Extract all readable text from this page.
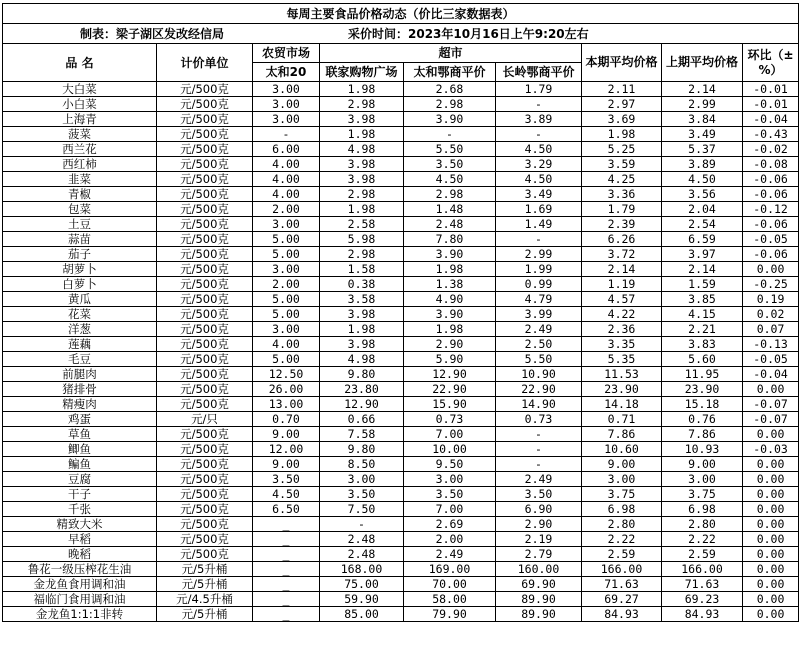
每周主要食品价格动态（价比三家数据表）								
制表：梁子湖区发改经信局 采价时间：2023年10月16日上午9:20左右								
品 名	计价单位	农贸市场	超市			本期平均价格	上期平均价格	环比（±%）
		太和20	联家购物广场	太和鄂商平价	长岭鄂商平价			
大白菜	元/500克	3.00	1.98	2.68	1.79	2.11	2.14	-0.01
小白菜	元/500克	3.00	2.98	2.98	-	2.97	2.99	-0.01
上海青	元/500克	3.00	3.98	3.90	3.89	3.69	3.84	-0.04
菠菜	元/500克	-	1.98	-	-	1.98	3.49	-0.43
西兰花	元/500克	6.00	4.98	5.50	4.50	5.25	5.37	-0.02
西红柿	元/500克	4.00	3.98	3.50	3.29	3.59	3.89	-0.08
韭菜	元/500克	4.00	3.98	4.50	4.50	4.25	4.50	-0.06
青椒	元/500克	4.00	2.98	2.98	3.49	3.36	3.56	-0.06
包菜	元/500克	2.00	1.98	1.48	1.69	1.79	2.04	-0.12
土豆	元/500克	3.00	2.58	2.48	1.49	2.39	2.54	-0.06
蒜苗	元/500克	5.00	5.98	7.80	-	6.26	6.59	-0.05
茄子	元/500克	5.00	2.98	3.90	2.99	3.72	3.97	-0.06
胡萝卜	元/500克	3.00	1.58	1.98	1.99	2.14	2.14	0.00
白萝卜	元/500克	2.00	0.38	1.38	0.99	1.19	1.59	-0.25
黄瓜	元/500克	5.00	3.58	4.90	4.79	4.57	3.85	0.19
花菜	元/500克	5.00	3.98	3.90	3.99	4.22	4.15	0.02
洋葱	元/500克	3.00	1.98	1.98	2.49	2.36	2.21	0.07
莲藕	元/500克	4.00	3.98	2.90	2.50	3.35	3.83	-0.13
毛豆	元/500克	5.00	4.98	5.90	5.50	5.35	5.60	-0.05
前腿肉	元/500克	12.50	9.80	12.90	10.90	11.53	11.95	-0.04
猪排骨	元/500克	26.00	23.80	22.90	22.90	23.90	23.90	0.00
精瘦肉	元/500克	13.00	12.90	15.90	14.90	14.18	15.18	-0.07
鸡蛋	元/只	0.70	0.66	0.73	0.73	0.71	0.76	-0.07
草鱼	元/500克	9.00	7.58	7.00	-	7.86	7.86	0.00
鲫鱼	元/500克	12.00	9.80	10.00	-	10.60	10.93	-0.03
鳊鱼	元/500克	9.00	8.50	9.50	-	9.00	9.00	0.00
豆腐	元/500克	3.50	3.00	3.00	2.49	3.00	3.00	0.00
干子	元/500克	4.50	3.50	3.50	3.50	3.75	3.75	0.00
千张	元/500克	6.50	7.50	7.00	6.90	6.98	6.98	0.00
精致大米	元/500克	_	-	2.69	2.90	2.80	2.80	0.00
早稻	元/500克	_	2.48	2.00	2.19	2.22	2.22	0.00
晚稻	元/500克	_	2.48	2.49	2.79	2.59	2.59	0.00
鲁花一级压榨花生油	元/5升桶	_	168.00	169.00	160.00	166.00	166.00	0.00
金龙鱼食用调和油	元/5升桶	_	75.00	70.00	69.90	71.63	71.63	0.00
福临门食用调和油	元/4.5升桶	_	59.90	58.00	89.90	69.27	69.23	0.00
金龙鱼1:1:1非转	元/5升桶	_	85.00	79.90	89.90	84.93	84.93	0.00
